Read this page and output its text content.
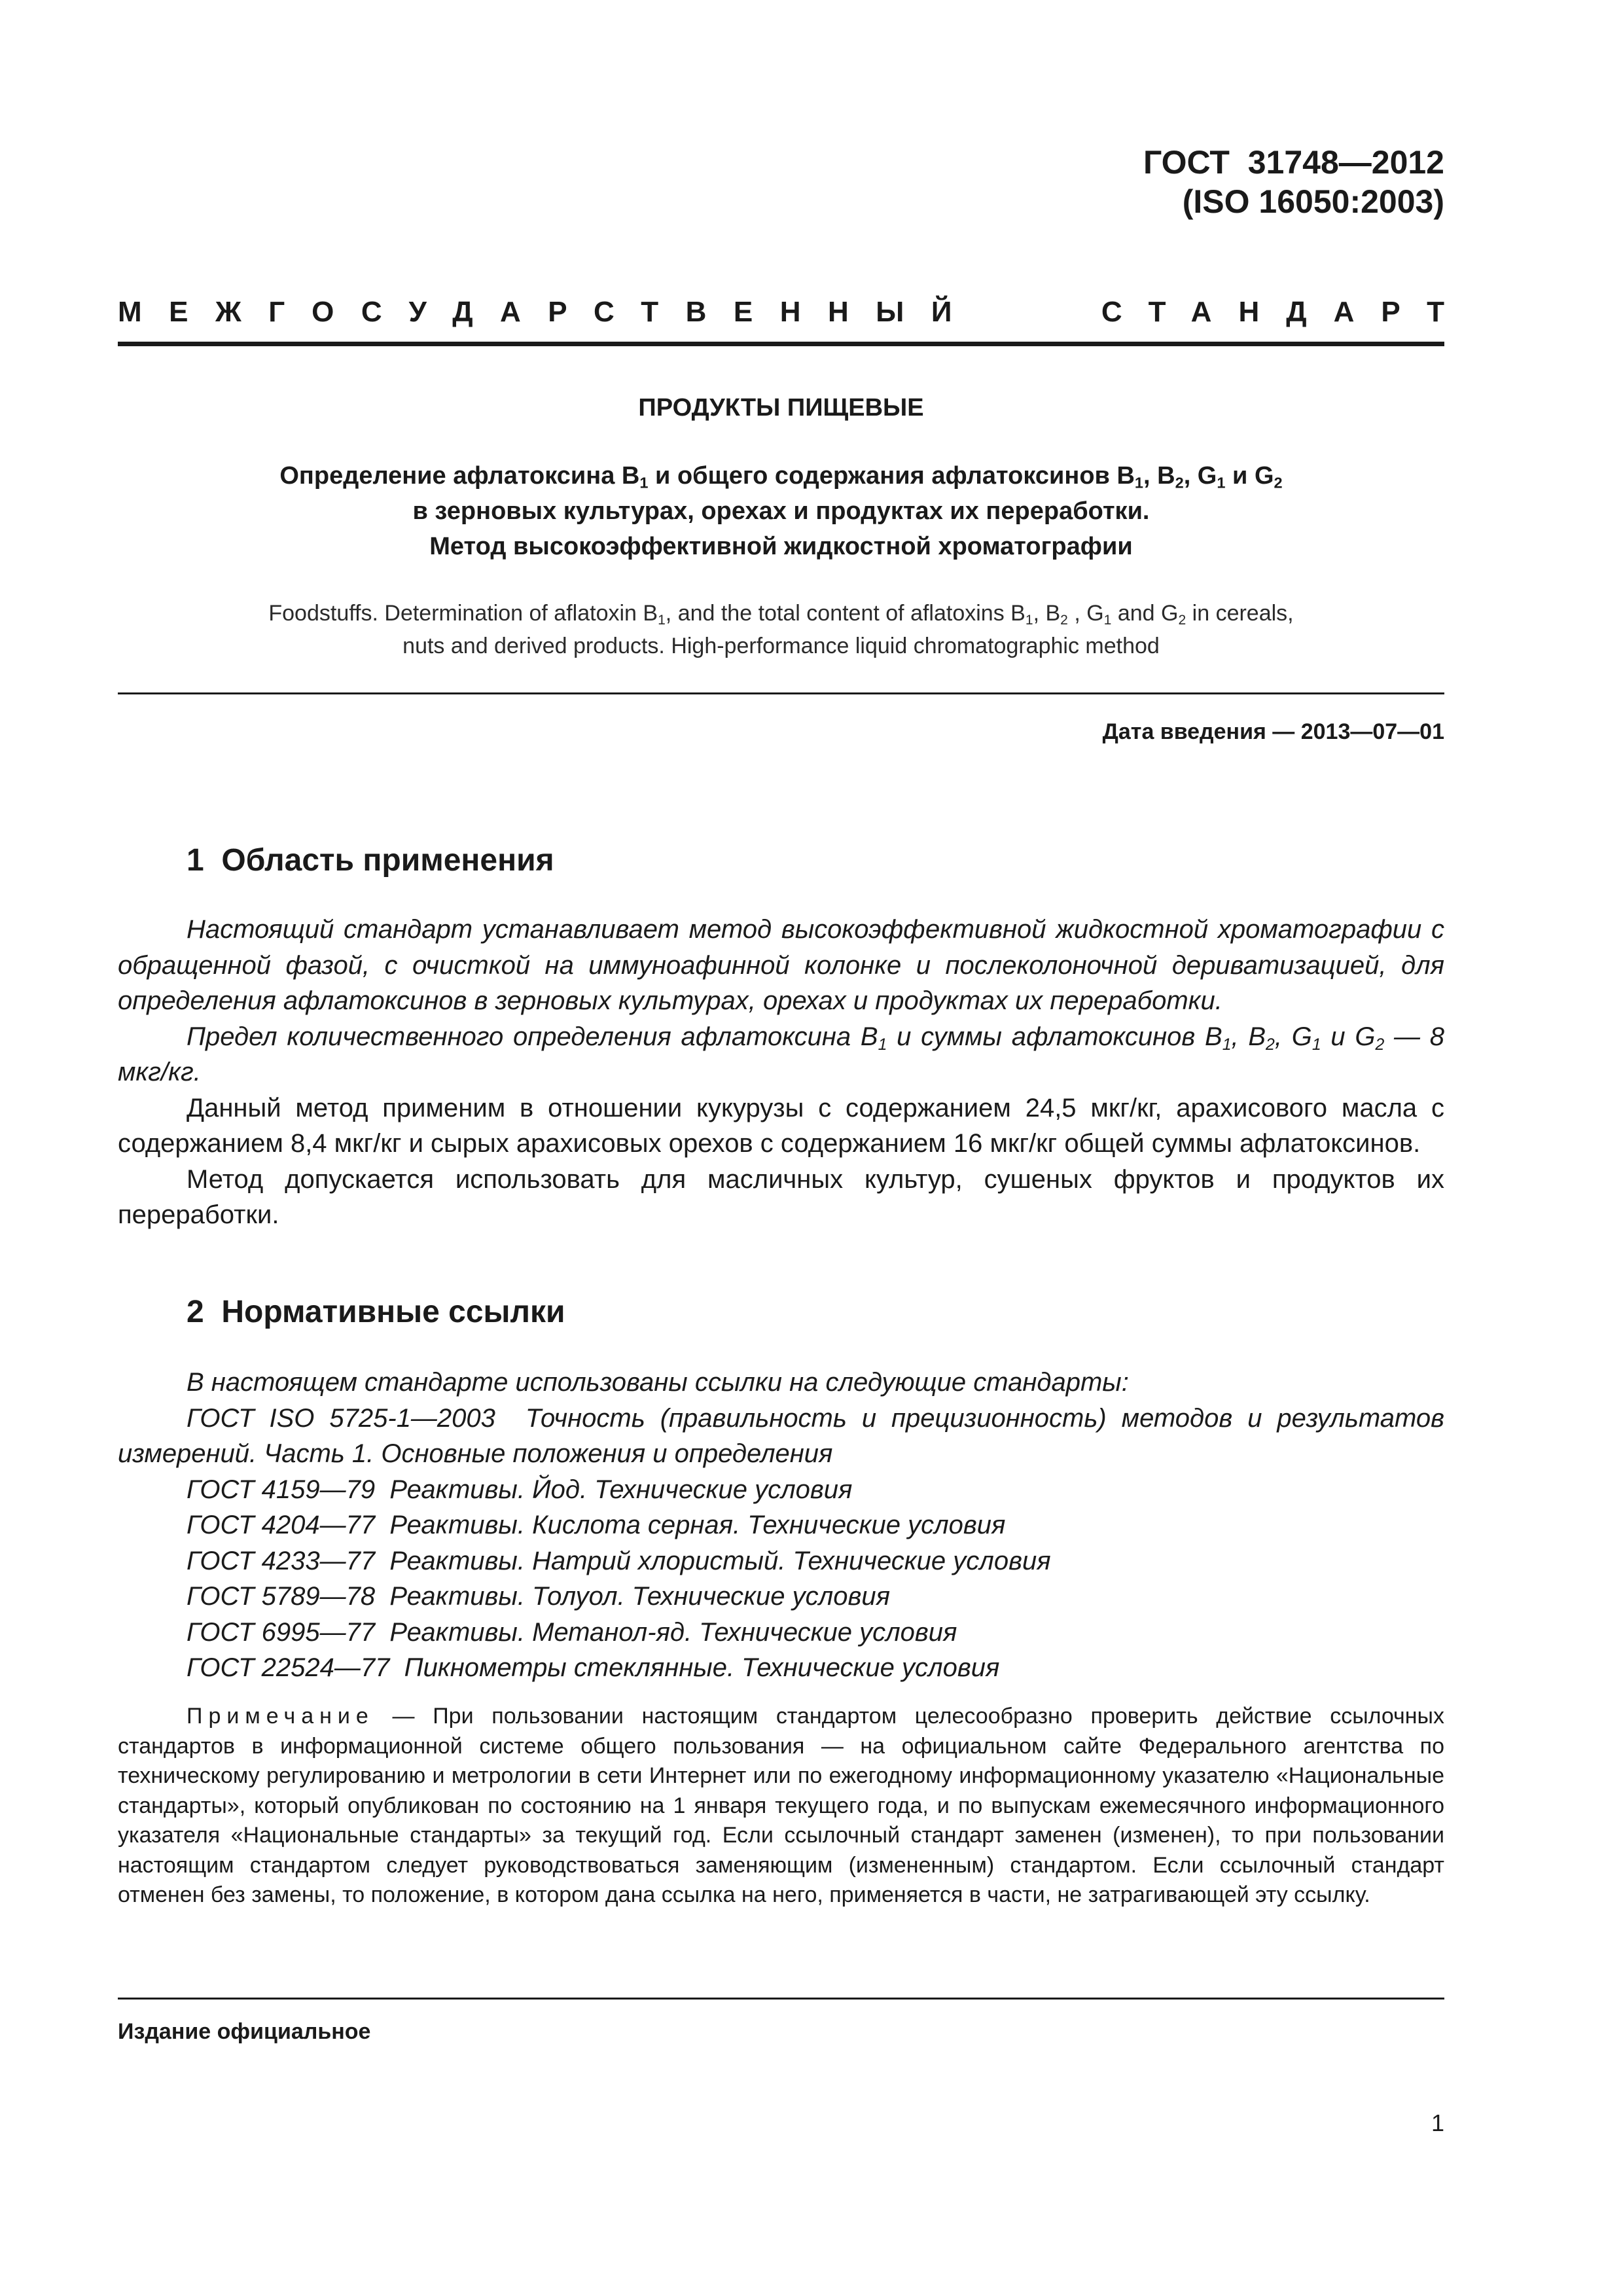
ГОСТ  31748—2012
(ISO 16050:2003)
МЕЖГОСУДАРСТВЕННЫЙ	СТАНДАРТ
ПРОДУКТЫ ПИЩЕВЫЕ
Определение афлатоксина $B_1$ и общего содержания афлатоксинов $B_1$, $B_2$, $G_1$ и $G_2$
в зерновых культурах, орехах и продуктах их переработки.
Метод высокоэффективной жидкостной хроматографии
Foodstuffs. Determination of aflatoxin $B_1$, and the total content of aflatoxins $B_1$, $B_2$ , $G_1$ and $G_2$ in cereals,
nuts and derived products. High-performance liquid chromatographic method
Дата введения — 2013—07—01
1  Область применения

Настоящий стандарт устанавливает метод высокоэффективной жидкостной хроматографии с обращенной фазой, с очисткой на иммуноафинной колонке и послеколоночной дериватизацией, для определения афлатоксинов в зерновых культурах, орехах и продуктах их переработки.

Предел количественного определения афлатоксина $B_1$ и суммы афлатоксинов $B_1$, $B_2$, $G_1$ и $G_2$ — 8 мкг/кг.

Данный метод применим в отношении кукурузы с содержанием 24,5 мкг/кг, арахисового масла с содержанием 8,4 мкг/кг и сырых арахисовых орехов с содержанием 16 мкг/кг общей суммы афлатоксинов.

Метод допускается использовать для масличных культур, сушеных фруктов и продуктов их переработки.

2  Нормативные ссылки

В настоящем стандарте использованы ссылки на следующие стандарты:

ГОСТ ISO 5725-1—2003  Точность (правильность и прецизионность) методов и результатов измерений. Часть 1. Основные положения и определения

ГОСТ 4159—79  Реактивы. Йод. Технические условия

ГОСТ 4204—77  Реактивы. Кислота серная. Технические условия

ГОСТ 4233—77  Реактивы. Натрий хлористый. Технические условия

ГОСТ 5789—78  Реактивы. Толуол. Технические условия

ГОСТ 6995—77  Реактивы. Метанол-яд. Технические условия

ГОСТ 22524—77  Пикнометры стеклянные. Технические условия

Примечание — При пользовании настоящим стандартом целесообразно проверить действие ссылочных стандартов в информационной системе общего пользования — на официальном сайте Федерального агентства по техническому регулированию и метрологии в сети Интернет или по ежегодному информационному указателю «Национальные стандарты», который опубликован по состоянию на 1 января текущего года, и по выпускам ежемесячного информационного указателя «Национальные стандарты» за текущий год. Если ссылочный стандарт заменен (изменен), то при пользовании настоящим стандартом следует руководствоваться заменяющим (измененным) стандартом. Если ссылочный стандарт отменен без замены, то положение, в котором дана ссылка на него, применяется в части, не затрагивающей эту ссылку.
Издание официальное
1
